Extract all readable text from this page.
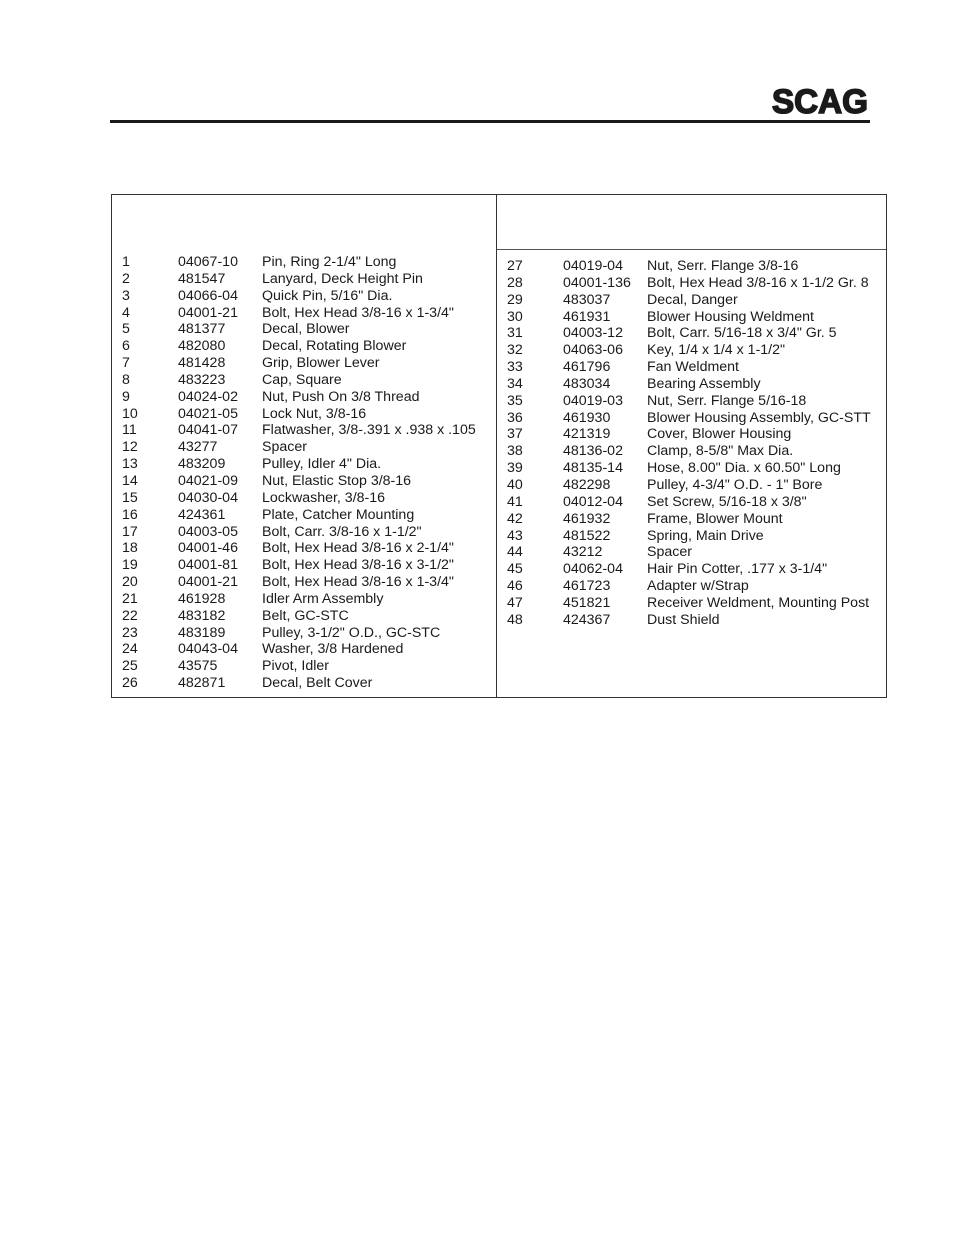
SCAG
1	04067-10 Pin, Ring 2-1/4" Long
2	481547	Lanyard, Deck Height Pin
3	04066-04 Quick Pin, 5/16" Dia.
4	04001-21 Bolt, Hex Head 3/8-16 x 1-3/4"
5	481377	Decal, Blower
6	482080	Decal, Rotating Blower
7	481428	Grip, Blower Lever
8	483223	Cap, Square
9	04024-02 Nut, Push On 3/8 Thread
10	04021-05 Lock Nut, 3/8-16
11	04041-07 Flatwasher, 3/8-.391 x .938 x .105
12	43277	Spacer
13	483209	Pulley, Idler 4" Dia.
14	04021-09 Nut, Elastic Stop 3/8-16
15	04030-04 Lockwasher, 3/8-16
16	424361	Plate, Catcher Mounting
17	04003-05 Bolt, Carr. 3/8-16 x 1-1/2"
18	04001-46 Bolt, Hex Head 3/8-16 x 2-1/4"
19	04001-81 Bolt, Hex Head 3/8-16 x 3-1/2"
20	04001-21 Bolt, Hex Head 3/8-16 x 1-3/4"
21	461928	Idler Arm Assembly
22	483182	Belt, GC-STC
23	483189	Pulley, 3-1/2" O.D., GC-STC
24	04043-04 Washer, 3/8 Hardened
25	43575	Pivot, Idler
26	482871	Decal, Belt Cover
27	04019-04 Nut, Serr. Flange 3/8-16
28	04001-136 Bolt, Hex Head 3/8-16 x 1-1/2 Gr. 8
29	483037	Decal, Danger
30	461931	Blower Housing Weldment
31	04003-12 Bolt, Carr. 5/16-18 x 3/4" Gr. 5
32	04063-06 Key, 1/4 x 1/4 x 1-1/2"
33	461796	Fan Weldment
34	483034	Bearing Assembly
35	04019-03 Nut, Serr. Flange 5/16-18
36	461930	Blower Housing Assembly, GC-STT
37	421319	Cover, Blower Housing
38	48136-02 Clamp, 8-5/8" Max Dia.
39	48135-14 Hose, 8.00" Dia. x 60.50" Long
40	482298	Pulley, 4-3/4" O.D. - 1" Bore
41	04012-04 Set Screw, 5/16-18 x 3/8"
42	461932	Frame, Blower Mount
43	481522	Spring, Main Drive
44	43212	Spacer
45	04062-04 Hair Pin Cotter, .177 x 3-1/4"
46	461723	Adapter w/Strap
47	451821	Receiver Weldment, Mounting Post
48	424367	Dust Shield
